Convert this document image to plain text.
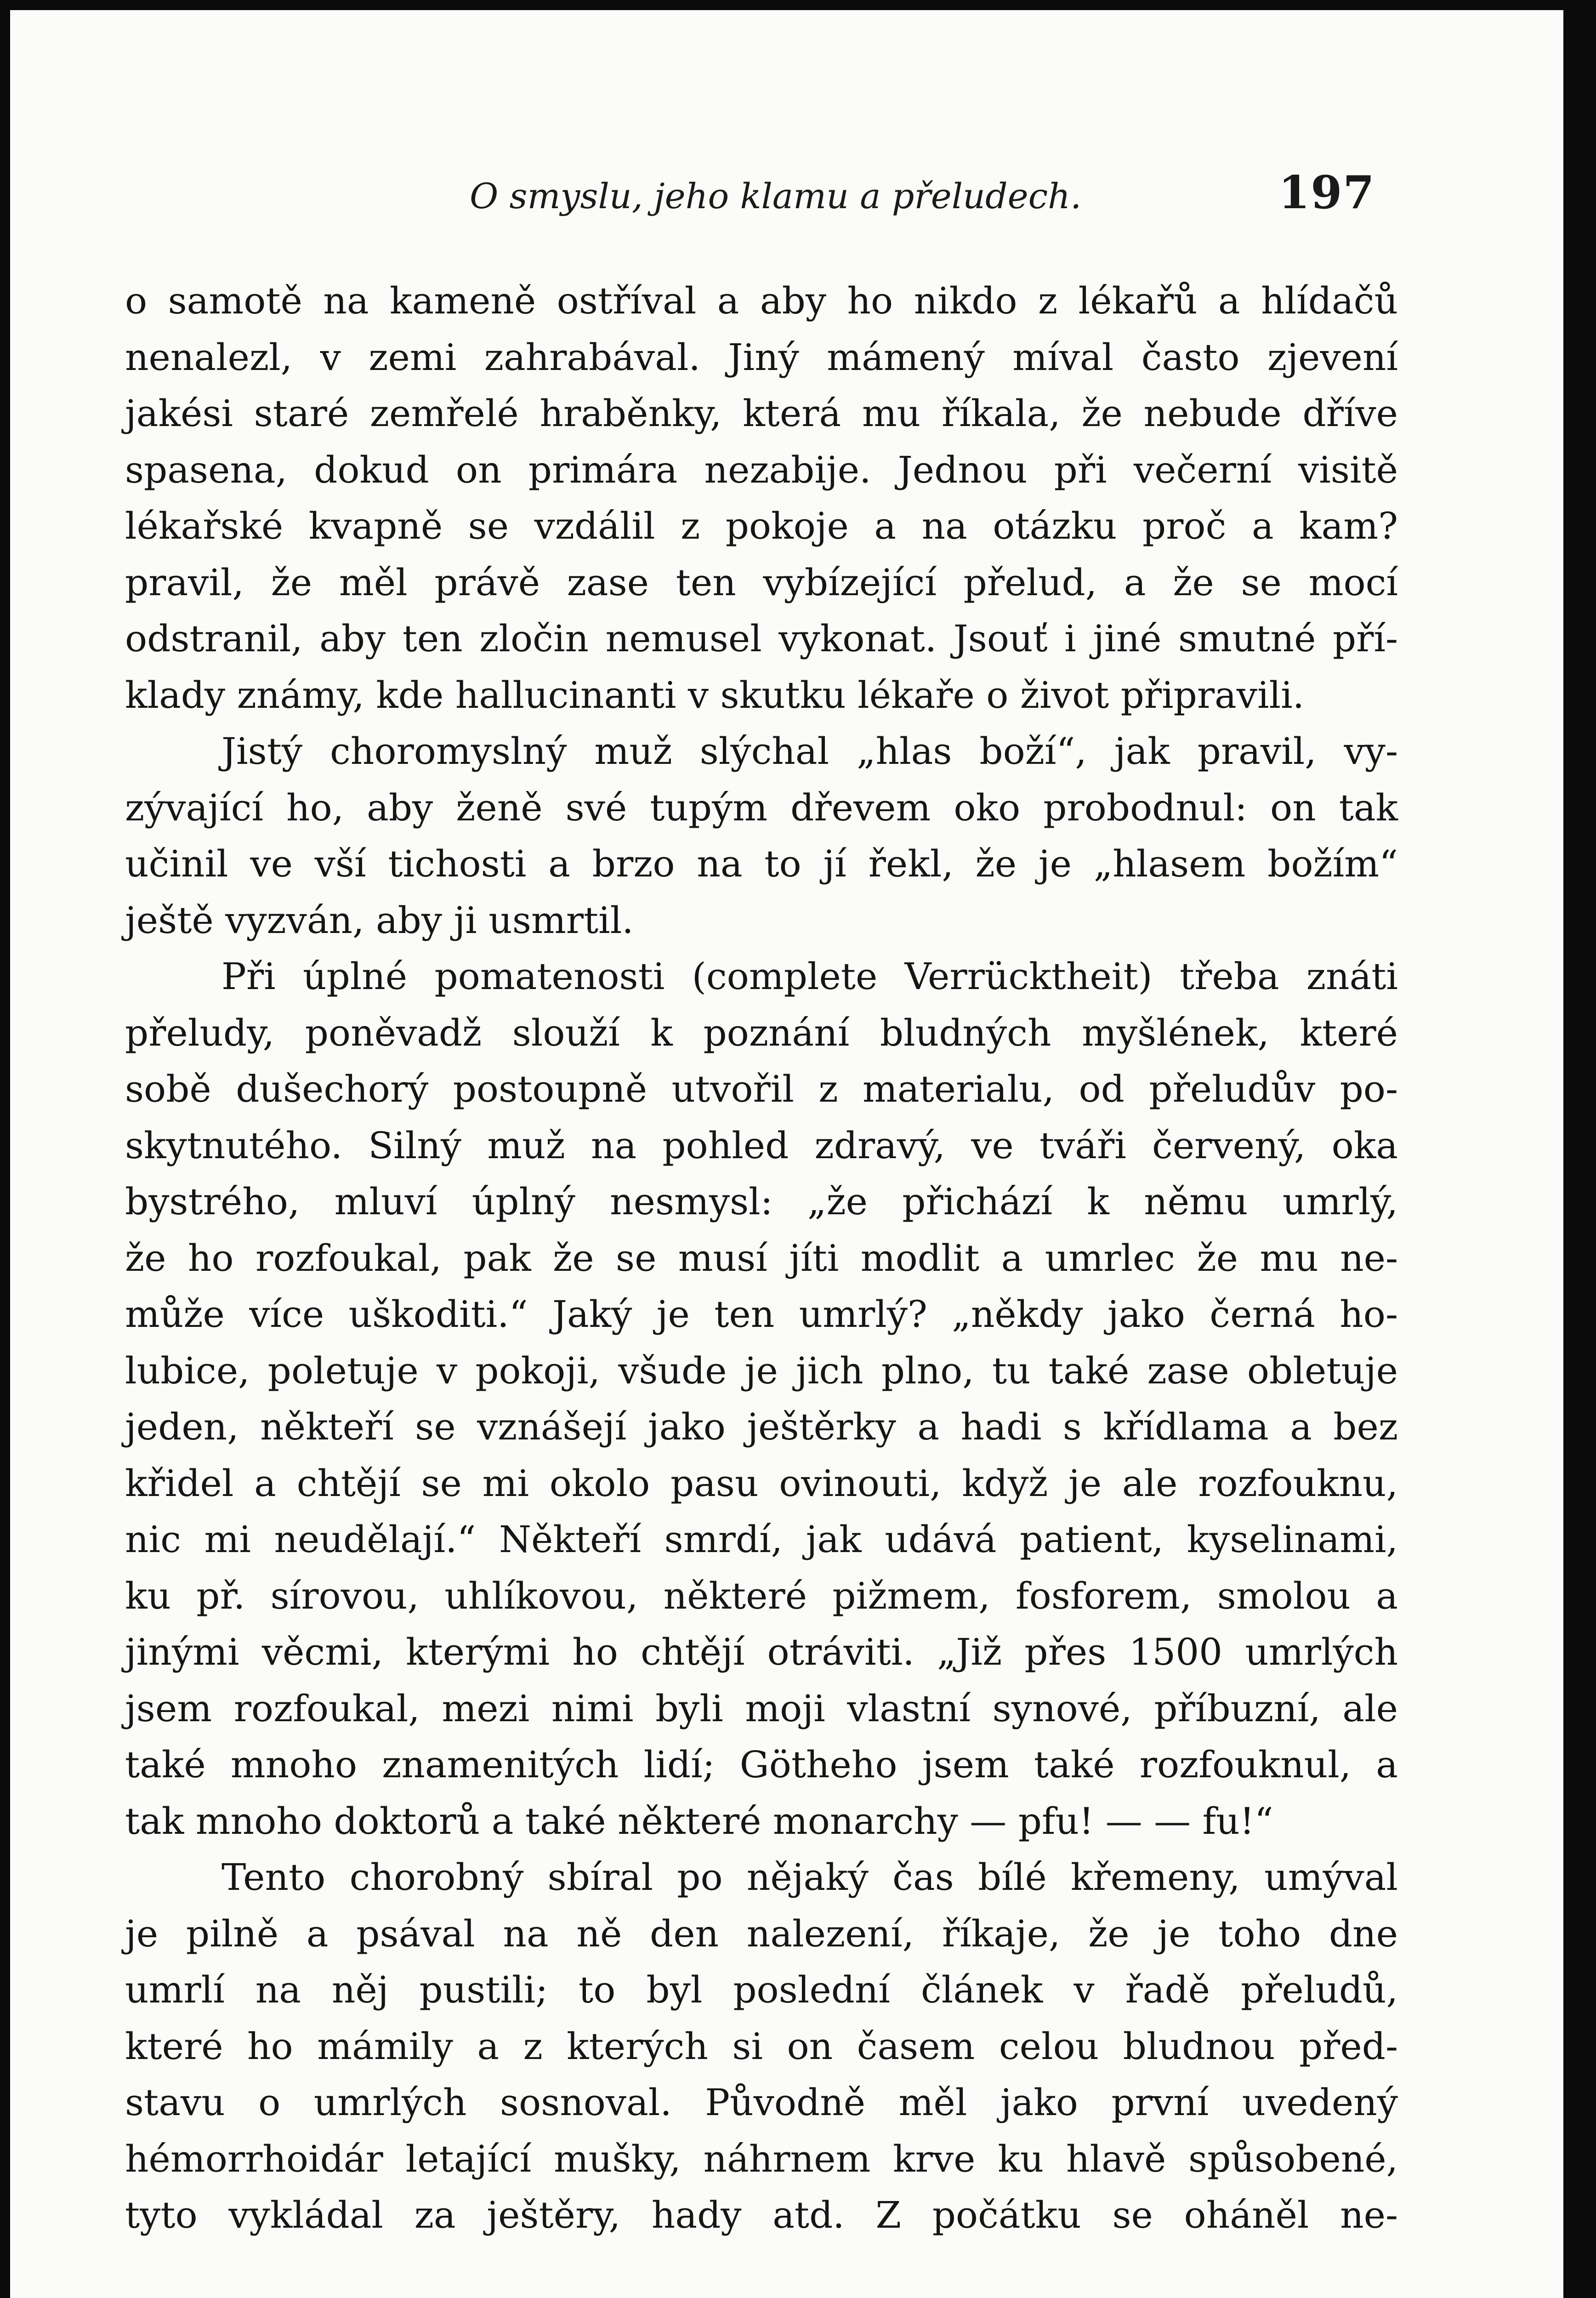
O smyslu, jeho klamu a přeludech.	197
o samotě na kameně ostříval a aby ho nikdo z lékařů a hlídačů
nenalezl, v zemi zahrabával. Jiný mámený míval často zjevení
jakési staré zemřelé hraběnky, která mu říkala, že nebude dříve
spasena, dokud on primára nezabije. Jednou při večerní visitě
lékařské kvapně se vzdálil z pokoje a na otázku proč a kam?
pravil, že měl právě zase ten vybízející přelud, a že se mocí
odstranil, aby ten zločin nemusel vykonat. Jsouť i jiné smutné pří-
klady známy, kde hallucinanti v skutku lékaře o život připravili.
Jistý choromyslný muž slýchal „hlas boží“, jak pravil, vy-
zývající ho, aby ženě své tupým dřevem oko probodnul: on tak
učinil ve vší tichosti a brzo na to jí řekl, že je „hlasem božím“
ještě vyzván, aby ji usmrtil.
Při úplné pomatenosti (complete Verrücktheit) třeba znáti
přeludy, poněvadž slouží k poznání bludných myšlének, které
sobě dušechorý postoupně utvořil z materialu, od přeludův po-
skytnutého. Silný muž na pohled zdravý, ve tváři červený, oka
bystrého, mluví úplný nesmysl: „že přichází k němu umrlý,
že ho rozfoukal, pak že se musí jíti modlit a umrlec že mu ne-
může více uškoditi.“ Jaký je ten umrlý? „někdy jako černá ho-
lubice, poletuje v pokoji, všude je jich plno, tu také zase obletuje
jeden, někteří se vznášejí jako ještěrky a hadi s křídlama a bez
křidel a chtějí se mi okolo pasu ovinouti, když je ale rozfouknu,
nic mi neudělají.“ Někteří smrdí, jak udává patient, kyselinami,
ku př. sírovou, uhlíkovou, některé pižmem, fosforem, smolou a
jinými věcmi, kterými ho chtějí otráviti. „Již přes 1500 umrlých
jsem rozfoukal, mezi nimi byli moji vlastní synové, příbuzní, ale
také mnoho znamenitých lidí; Götheho jsem také rozfouknul, a
tak mnoho doktorů a také některé monarchy — pfu! — — fu!“
Tento chorobný sbíral po nějaký čas bílé křemeny, umýval
je pilně a psával na ně den nalezení, říkaje, že je toho dne
umrlí na něj pustili; to byl poslední článek v řadě přeludů,
které ho mámily a z kterých si on časem celou bludnou před-
stavu o umrlých sosnoval. Původně měl jako první uvedený
hémorrhoidár letající mušky, náhrnem krve ku hlavě spůsobené,
tyto vykládal za ještěry, hady atd. Z počátku se oháněl ne-
